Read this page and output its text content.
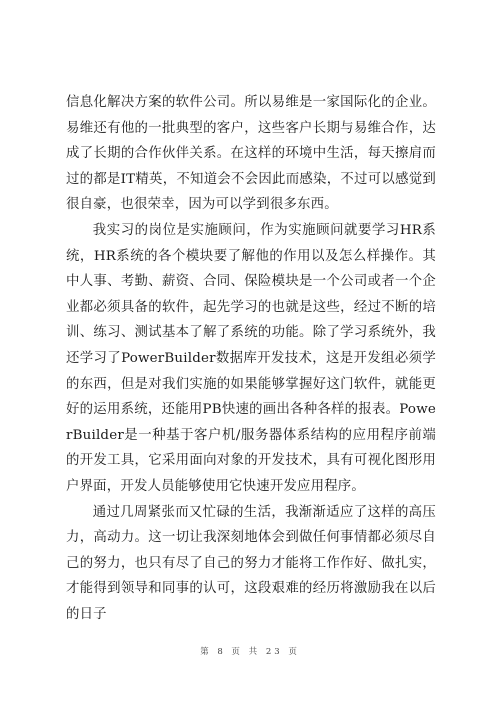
信息化解决方案的软件公司。所以易维是一家国际化的企业。易维还有他的一批典型的客户，这些客户长期与易维合作，达成了长期的合作伙伴关系。在这样的环境中生活，每天擦肩而过的都是IT精英，不知道会不会因此而感染，不过可以感觉到很自豪，也很荣幸，因为可以学到很多东西。

我实习的岗位是实施顾问，作为实施顾问就要学习HR系统，HR系统的各个模块要了解他的作用以及怎么样操作。其中人事、考勤、薪资、合同、保险模块是一个公司或者一个企业都必须具备的软件，起先学习的也就是这些，经过不断的培训、练习、测试基本了解了系统的功能。除了学习系统外，我还学习了PowerBuilder数据库开发技术，这是开发组必须学的东西，但是对我们实施的如果能够掌握好这门软件，就能更好的运用系统，还能用PB快速的画出各种各样的报表。PowerBuilder是一种基于客户机/服务器体系结构的应用程序前端的开发工具，它采用面向对象的开发技术，具有可视化图形用户界面，开发人员能够使用它快速开发应用程序。

通过几周紧张而又忙碌的生活，我渐渐适应了这样的高压力，高动力。这一切让我深刻地体会到做任何事情都必须尽自己的努力，也只有尽了自己的努力才能将工作作好、做扎实，才能得到领导和同事的认可，这段艰难的经历将激励我在以后的日子

第 8 页 共 23 页
